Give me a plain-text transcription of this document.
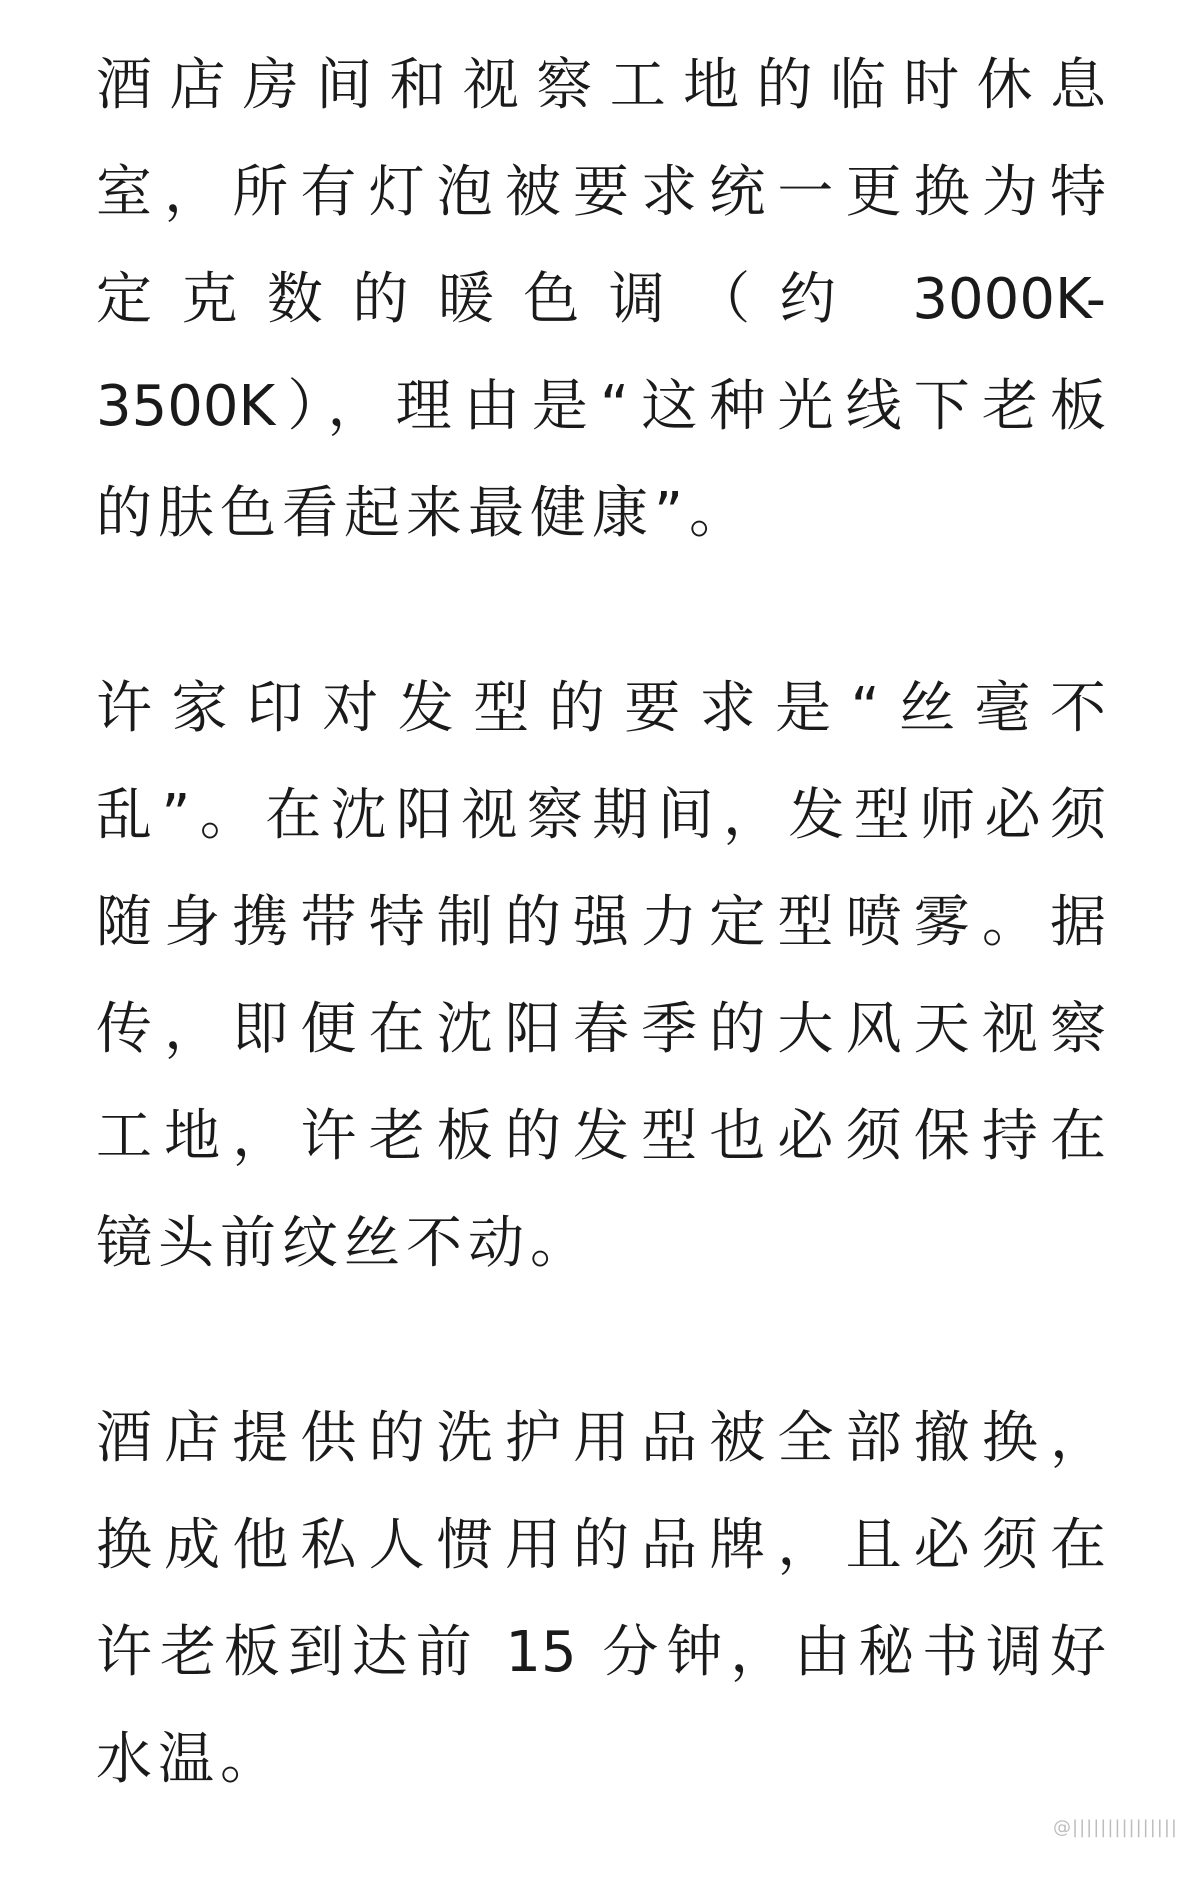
酒店房间和视察工地的临时休息
室，所有灯泡被要求统一更换为特
定克数的暖色调（约 3000K-
3500K），理由是“这种光线下老板
的肤色看起来最健康”。
许家印对发型的要求是“丝毫不
乱”。在沈阳视察期间，发型师必须
随身携带特制的强力定型喷雾。据
传，即便在沈阳春季的大风天视察
工地，许老板的发型也必须保持在
镜头前纹丝不动。
酒店提供的洗护用品被全部撤换，
换成他私人惯用的品牌，且必须在
许老板到达前 15 分钟，由秘书调好
水温。
@|||||||||||||||
